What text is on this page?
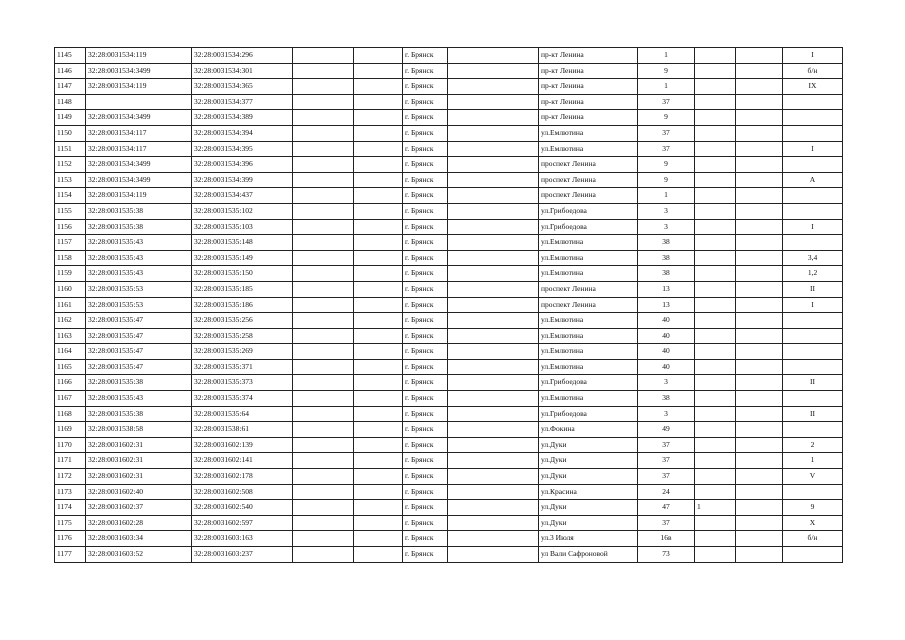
1145	32:28:0031534:119	32:28:0031534:296			г. Брянск		пр-кт Ленина	1			I
1146	32:28:0031534:3499	32:28:0031534:301			г. Брянск		пр-кт Ленина	9			б/н
1147	32:28:0031534:119	32:28:0031534:365			г. Брянск		пр-кт Ленина	1			IX
1148		32:28:0031534:377			г. Брянск		пр-кт Ленина	37			
1149	32:28:0031534:3499	32:28:0031534:389			г. Брянск		пр-кт Ленина	9			
1150	32:28:0031534:117	32:28:0031534:394			г. Брянск		ул.Емлютина	37			
1151	32:28:0031534:117	32:28:0031534:395			г. Брянск		ул.Емлютина	37			I
1152	32:28:0031534:3499	32:28:0031534:396			г. Брянск		проспект Ленина	9			
1153	32:28:0031534:3499	32:28:0031534:399			г. Брянск		проспект Ленина	9			А
1154	32:28:0031534:119	32:28:0031534:437			г. Брянск		проспект Ленина	1			
1155	32:28:0031535:38	32:28:0031535:102			г. Брянск		ул.Грибоедова	3			
1156	32:28:0031535:38	32:28:0031535:103			г. Брянск		ул.Грибоедова	3			I
1157	32:28:0031535:43	32:28:0031535:148			г. Брянск		ул.Емлютина	38			
1158	32:28:0031535:43	32:28:0031535:149			г. Брянск		ул.Емлютина	38			3,4
1159	32:28:0031535:43	32:28:0031535:150			г. Брянск		ул.Емлютина	38			1,2
1160	32:28:0031535:53	32:28:0031535:185			г. Брянск		проспект Ленина	13			II
1161	32:28:0031535:53	32:28:0031535:186			г. Брянск		проспект Ленина	13			I
1162	32:28:0031535:47	32:28:0031535:256			г. Брянск		ул.Емлютина	40			
1163	32:28:0031535:47	32:28:0031535:258			г. Брянск		ул.Емлютина	40			
1164	32:28:0031535:47	32:28:0031535:269			г. Брянск		ул.Емлютина	40			
1165	32:28:0031535:47	32:28:0031535:371			г. Брянск		ул.Емлютина	40			
1166	32:28:0031535:38	32:28:0031535:373			г. Брянск		ул.Грибоедова	3			II
1167	32:28:0031535:43	32:28:0031535:374			г. Брянск		ул.Емлютина	38			
1168	32:28:0031535:38	32:28:0031535:64			г. Брянск		ул.Грибоедова	3			II
1169	32:28:0031538:58	32:28:0031538:61			г. Брянск		ул.Фокина	49			
1170	32:28:0031602:31	32:28:0031602:139			г. Брянск		ул.Дуки	37			2
1171	32:28:0031602:31	32:28:0031602:141			г. Брянск		ул.Дуки	37			1
1172	32:28:0031602:31	32:28:0031602:178			г. Брянск		ул.Дуки	37			V
1173	32:28:0031602:40	32:28:0031602:508			г. Брянск		ул.Красина	24			
1174	32:28:0031602:37	32:28:0031602:540			г. Брянск		ул.Дуки	47	1		9
1175	32:28:0031602:28	32:28:0031602:597			г. Брянск		ул.Дуки	37			X
1176	32:28:0031603:34	32:28:0031603:163			г. Брянск		ул.3 Июля	16в			б/н
1177	32:28:0031603:52	32:28:0031603:237			г. Брянск		ул Вали Сафроновой	73			
